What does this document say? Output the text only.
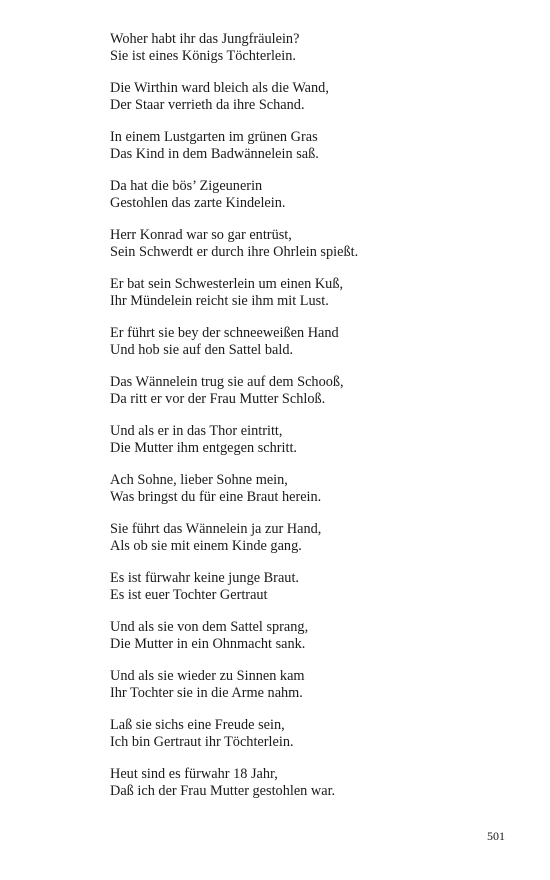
Woher habt ihr das Jungfräulein?
Sie ist eines Königs Töchterlein.
Die Wirthin ward bleich als die Wand,
Der Staar verrieth da ihre Schand.
In einem Lustgarten im grünen Gras
Das Kind in dem Badwännelein saß.
Da hat die bös’ Zigeunerin
Gestohlen das zarte Kindelein.
Herr Konrad war so gar entrüst,
Sein Schwerdt er durch ihre Ohrlein spießt.
Er bat sein Schwesterlein um einen Kuß,
Ihr Mündelein reicht sie ihm mit Lust.
Er führt sie bey der schneeweißen Hand
Und hob sie auf den Sattel bald.
Das Wännelein trug sie auf dem Schooß,
Da ritt er vor der Frau Mutter Schloß.
Und als er in das Thor eintritt,
Die Mutter ihm entgegen schritt.
Ach Sohne, lieber Sohne mein,
Was bringst du für eine Braut herein.
Sie führt das Wännelein ja zur Hand,
Als ob sie mit einem Kinde gang.
Es ist fürwahr keine junge Braut.
Es ist euer Tochter Gertraut
Und als sie von dem Sattel sprang,
Die Mutter in ein Ohnmacht sank.
Und als sie wieder zu Sinnen kam
Ihr Tochter sie in die Arme nahm.
Laß sie sichs eine Freude sein,
Ich bin Gertraut ihr Töchterlein.
Heut sind es fürwahr 18 Jahr,
Daß ich der Frau Mutter gestohlen war.
501
